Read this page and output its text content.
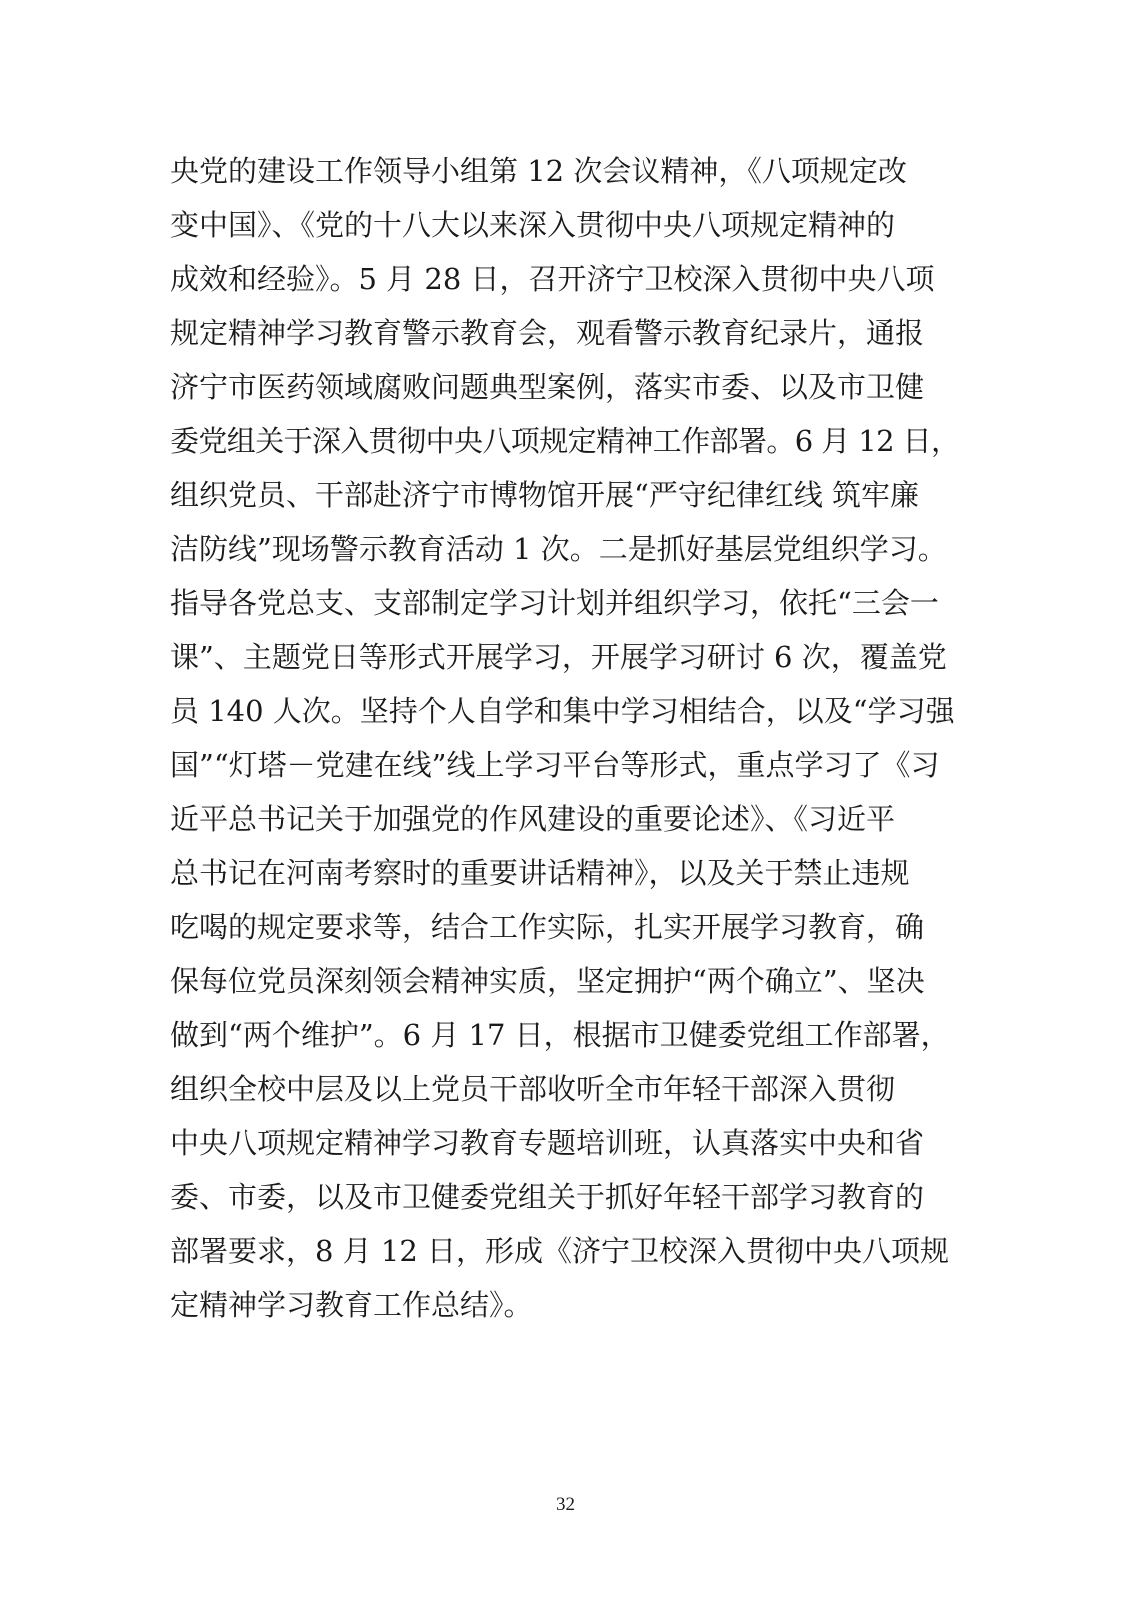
央党的建设工作领导小组第 12 次会议精神，《八项规定改
变中国》、《党的十八大以来深入贯彻中央八项规定精神的
成效和经验》。5 月 28 日，召开济宁卫校深入贯彻中央八项
规定精神学习教育警示教育会，观看警示教育纪录片，通报
济宁市医药领域腐败问题典型案例，落实市委、以及市卫健
委党组关于深入贯彻中央八项规定精神工作部署。6 月 12 日，
组织党员、干部赴济宁市博物馆开展“严守纪律红线 筑牢廉
洁防线”现场警示教育活动 1 次。二是抓好基层党组织学习。
指导各党总支、支部制定学习计划并组织学习，依托“三会一
课”、主题党日等形式开展学习，开展学习研讨 6 次，覆盖党
员 140 人次。坚持个人自学和集中学习相结合，以及“学习强
国”“灯塔－党建在线”线上学习平台等形式，重点学习了《习
近平总书记关于加强党的作风建设的重要论述》、《习近平
总书记在河南考察时的重要讲话精神》，以及关于禁止违规
吃喝的规定要求等，结合工作实际，扎实开展学习教育，确
保每位党员深刻领会精神实质，坚定拥护“两个确立”、坚决
做到“两个维护”。6 月 17 日，根据市卫健委党组工作部署，
组织全校中层及以上党员干部收听全市年轻干部深入贯彻
中央八项规定精神学习教育专题培训班，认真落实中央和省
委、市委，以及市卫健委党组关于抓好年轻干部学习教育的
部署要求，8 月 12 日，形成《济宁卫校深入贯彻中央八项规
定精神学习教育工作总结》。
32
